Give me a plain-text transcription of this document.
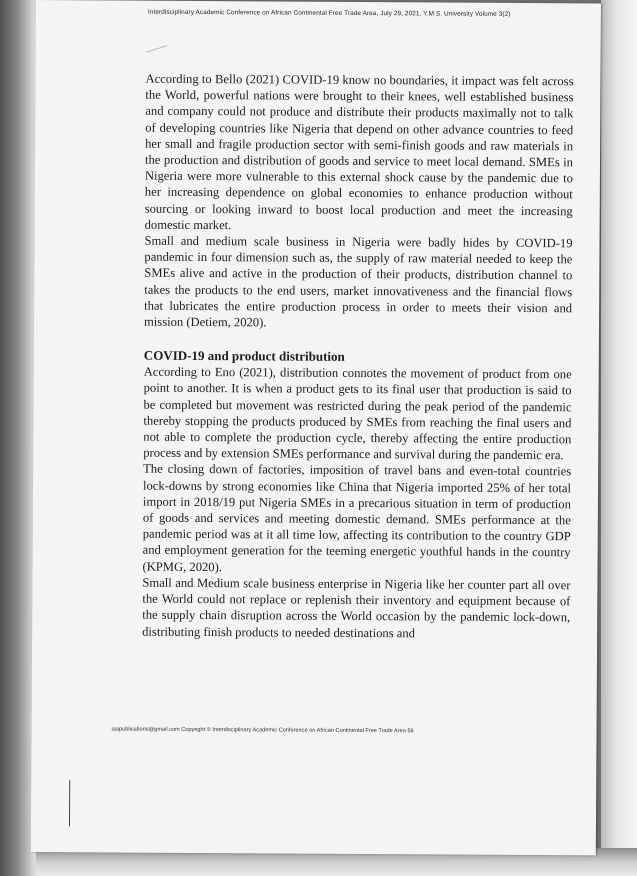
Interdisciplinary Academic Conference on African Continental Free Trade Area, July 29, 2021, Y.M.S. University Volume 3(2)

According to Bello (2021) COVID-19 know no boundaries, it impact was felt across the World, powerful nations were brought to their knees, well established business and company could not produce and distribute their products maximally not to talk of developing countries like Nigeria that depend on other advance countries to feed her small and fragile production sector with semi-finish goods and raw materials in the production and distribution of goods and service to meet local demand. SMEs in Nigeria were more vulnerable to this external shock cause by the pandemic due to her increasing dependence on global economies to enhance production without sourcing or looking inward to boost local production and meet the increasing domestic market.

Small and medium scale business in Nigeria were badly hides by COVID-19 pandemic in four dimension such as, the supply of raw material needed to keep the SMEs alive and active in the production of their products, distribution channel to takes the products to the end users, market innovativeness and the financial flows that lubricates the entire production process in order to meets their vision and mission (Detiem, 2020).

COVID-19 and product distribution

According to Eno (2021), distribution connotes the movement of product from one point to another. It is when a product gets to its final user that production is said to be completed but movement was restricted during the peak period of the pandemic thereby stopping the products produced by SMEs from reaching the final users and not able to complete the production cycle, thereby affecting the entire production process and by extension SMEs performance and survival during the pandemic era.

The closing down of factories, imposition of travel bans and even-total countries lock-downs by strong economies like China that Nigeria imported 25% of her total import in 2018/19 put Nigeria SMEs in a precarious situation in term of production of goods and services and meeting domestic demand. SMEs performance at the pandemic period was at it all time low, affecting its contribution to the country GDP and employment generation for the teeming energetic youthful hands in the country (KPMG, 2020).

Small and Medium scale business enterprise in Nigeria like her counter part all over the World could not replace or replenish their inventory and equipment because of the supply chain disruption across the World occasion by the pandemic lock-down, distributing finish products to needed destinations and

iaapublications@gmail.com Copyright © Interdisciplinary Academic Conference on African Continental Free Trade Area 56
